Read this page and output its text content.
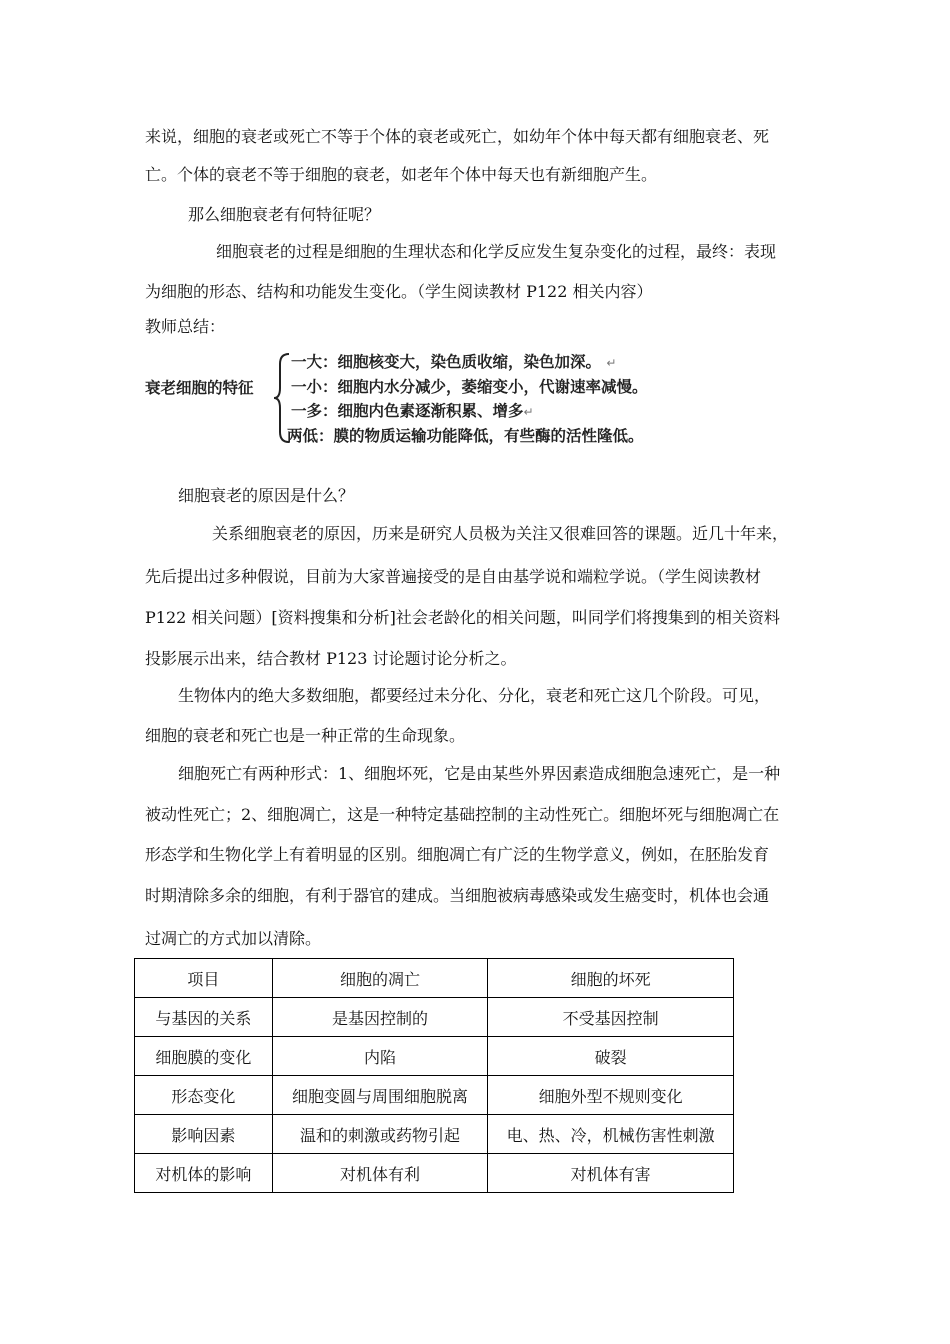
来说，细胞的衰老或死亡不等于个体的衰老或死亡，如幼年个体中每天都有细胞衰老、死
亡。个体的衰老不等于细胞的衰老，如老年个体中每天也有新细胞产生。
那么细胞衰老有何特征呢？
细胞衰老的过程是细胞的生理状态和化学反应发生复杂变化的过程，最终：表现
为细胞的形态、结构和功能发生变化。（学生阅读教材 P122 相关内容）
教师总结：
衰老细胞的特征
一大：细胞核变大，染色质收缩，染色加深。 ↵
一小：细胞内水分减少，萎缩变小，代谢速率减慢。
一多：细胞内色素逐渐积累、增多↵
两低：膜的物质运输功能降低，有些酶的活性隆低。
细胞衰老的原因是什么？
关系细胞衰老的原因，历来是研究人员极为关注又很难回答的课题。近几十年来，
先后提出过多种假说，目前为大家普遍接受的是自由基学说和端粒学说。（学生阅读教材
P122 相关问题）[资料搜集和分析]社会老龄化的相关问题，叫同学们将搜集到的相关资料
投影展示出来，结合教材 P123 讨论题讨论分析之。
生物体内的绝大多数细胞，都要经过未分化、分化，衰老和死亡这几个阶段。可见，
细胞的衰老和死亡也是一种正常的生命现象。
细胞死亡有两种形式：1、细胞坏死，它是由某些外界因素造成细胞急速死亡，是一种
被动性死亡；2、细胞凋亡，这是一种特定基础控制的主动性死亡。细胞坏死与细胞凋亡在
形态学和生物化学上有着明显的区别。细胞凋亡有广泛的生物学意义，例如，在胚胎发育
时期清除多余的细胞，有利于器官的建成。当细胞被病毒感染或发生癌变时，机体也会通
过凋亡的方式加以清除。
项目	细胞的凋亡	细胞的坏死
与基因的关系	是基因控制的	不受基因控制
细胞膜的变化	内陷	破裂
形态变化	细胞变圆与周围细胞脱离	细胞外型不规则变化
影响因素	温和的刺激或药物引起	电、热、冷，机械伤害性刺激
对机体的影响	对机体有利	对机体有害
